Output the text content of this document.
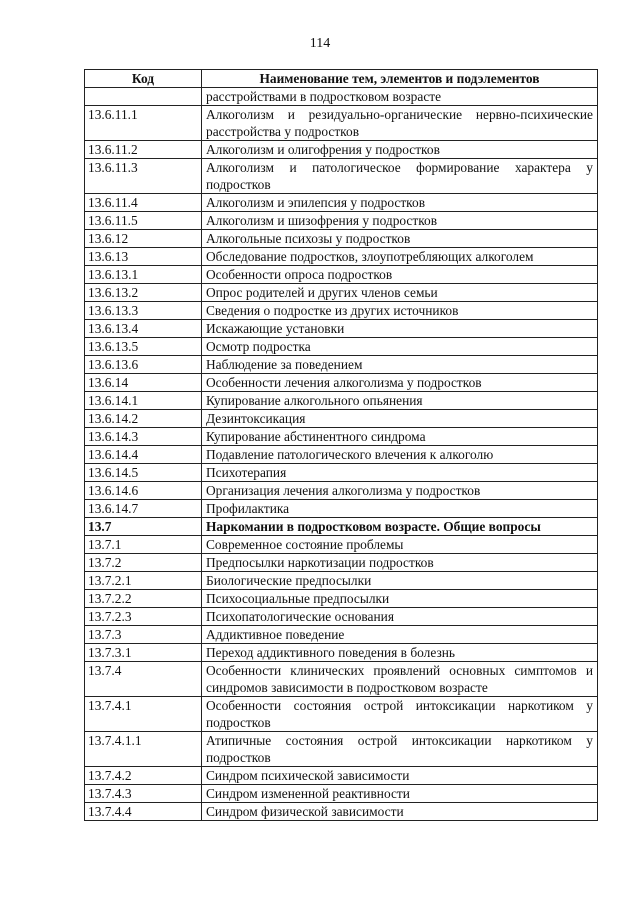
114
Код	Наименование тем, элементов и подэлементов
	расстройствами в подростковом возрасте
13.6.11.1	Алкоголизм и резидуально-органические нервно-психические расстройства у подростков
13.6.11.2	Алкоголизм и олигофрения у подростков
13.6.11.3	Алкоголизм и патологическое формирование характера у подростков
13.6.11.4	Алкоголизм и эпилепсия у подростков
13.6.11.5	Алкоголизм и шизофрения у подростков
13.6.12	Алкогольные психозы у подростков
13.6.13	Обследование подростков, злоупотребляющих алкоголем
13.6.13.1	Особенности опроса подростков
13.6.13.2	Опрос родителей и других членов семьи
13.6.13.3	Сведения о подростке из других источников
13.6.13.4	Искажающие установки
13.6.13.5	Осмотр подростка
13.6.13.6	Наблюдение за поведением
13.6.14	Особенности лечения алкоголизма у подростков
13.6.14.1	Купирование алкогольного опьянения
13.6.14.2	Дезинтоксикация
13.6.14.3	Купирование абстинентного синдрома
13.6.14.4	Подавление патологического влечения к алкоголю
13.6.14.5	Психотерапия
13.6.14.6	Организация лечения алкоголизма у подростков
13.6.14.7	Профилактика
13.7	Наркомании в подростковом возрасте. Общие вопросы
13.7.1	Современное состояние проблемы
13.7.2	Предпосылки наркотизации подростков
13.7.2.1	Биологические предпосылки
13.7.2.2	Психосоциальные предпосылки
13.7.2.3	Психопатологические основания
13.7.3	Аддиктивное поведение
13.7.3.1	Переход аддиктивного поведения в болезнь
13.7.4	Особенности клинических проявлений основных симптомов и синдромов зависимости в подростковом возрасте
13.7.4.1	Особенности состояния острой интоксикации наркотиком у подростков
13.7.4.1.1	Атипичные состояния острой интоксикации наркотиком у подростков
13.7.4.2	Синдром психической зависимости
13.7.4.3	Синдром измененной реактивности
13.7.4.4	Синдром физической зависимости
